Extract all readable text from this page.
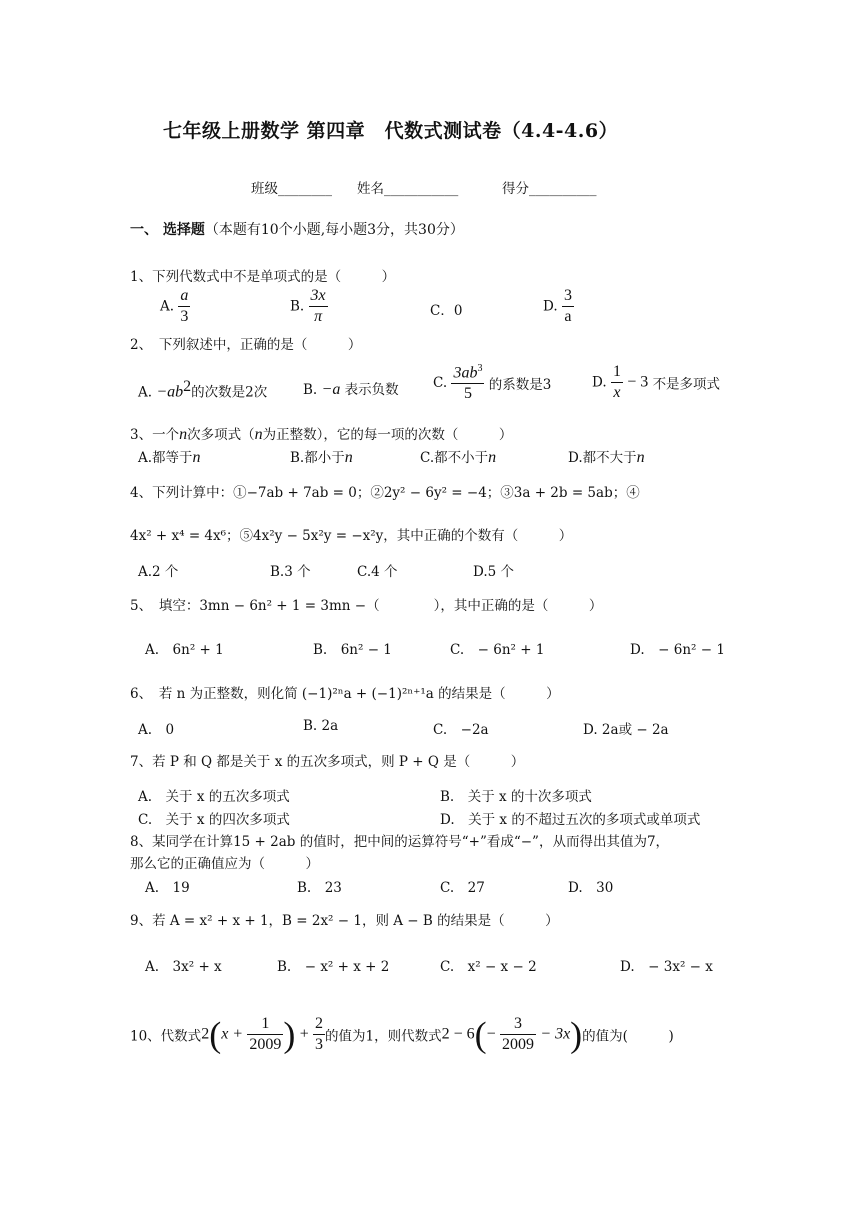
七年级上册数学 第四章　代数式测试卷（4.4-4.6）
班级________ 姓名___________	得分__________
一、 选择题（本题有10个小题,每小题3分，共30分）
1、下列代数式中不是单项式的是（　　　）
A. $\frac{a}{3}$	B. $\frac{3x}{\pi}$	C．0	D. $\frac{3}{a}$
2、　下列叙述中，正确的是（　　　）
A. $-ab^2$的次数是2次	B. −a 表示负数	C. $\frac{3ab^3}{5}$ 的系数是3	D. $\frac{1}{x} - 3$ 不是多项式
3、一个n次多项式（n为正整数），它的每一项的次数（　　　）
A.都等于n	B.都小于n	C.都不小于n	D.都不大于n
4、下列计算中：①−7ab + 7ab = 0；②2y² − 6y² = −4；③3a + 2b = 5ab；④
4x² + x⁴ = 4x⁶；⑤4x²y − 5x²y = −x²y，其中正确的个数有（　　　）
A.2 个	B.3 个	C.4 个	D.5 个
5、　填空：3mn − 6n² + 1 = 3mn −（　　　　），其中正确的是（　　　）
A.　6n² + 1	B.　6n² − 1	C.　− 6n² + 1	D.　− 6n² − 1
6、　若 n 为正整数，则化简 (−1)²ⁿa + (−1)²ⁿ⁺¹a 的结果是（　　　）
A.　0	B. 2a	C.　−2a	D. 2a或 − 2a
7、若 P 和 Q 都是关于 x 的五次多项式，则 P + Q 是（　　　）
A.　关于 x 的五次多项式	B.　关于 x 的十次多项式
C.　关于 x 的四次多项式	D.　关于 x 的不超过五次的多项式或单项式
8、某同学在计算15 + 2ab 的值时，把中间的运算符号“+”看成“−”，从而得出其值为7，
那么它的正确值应为（　　　）
A.　19	B.　23	C.　27	D.　30
9、若 A = x² + x + 1，B = 2x² − 1，则 A − B 的结果是（　　　）
A.　3x² + x	B.　− x² + x + 2	C.　x² − x − 2	D.　− 3x² − x
10、代数式$2(x + \frac{1}{2009}$ ) + $\frac{2}{3}$ 的值为1，则代数式$2 - 6(- \frac{3}{2009} - 3x)$的值为(　　　)
